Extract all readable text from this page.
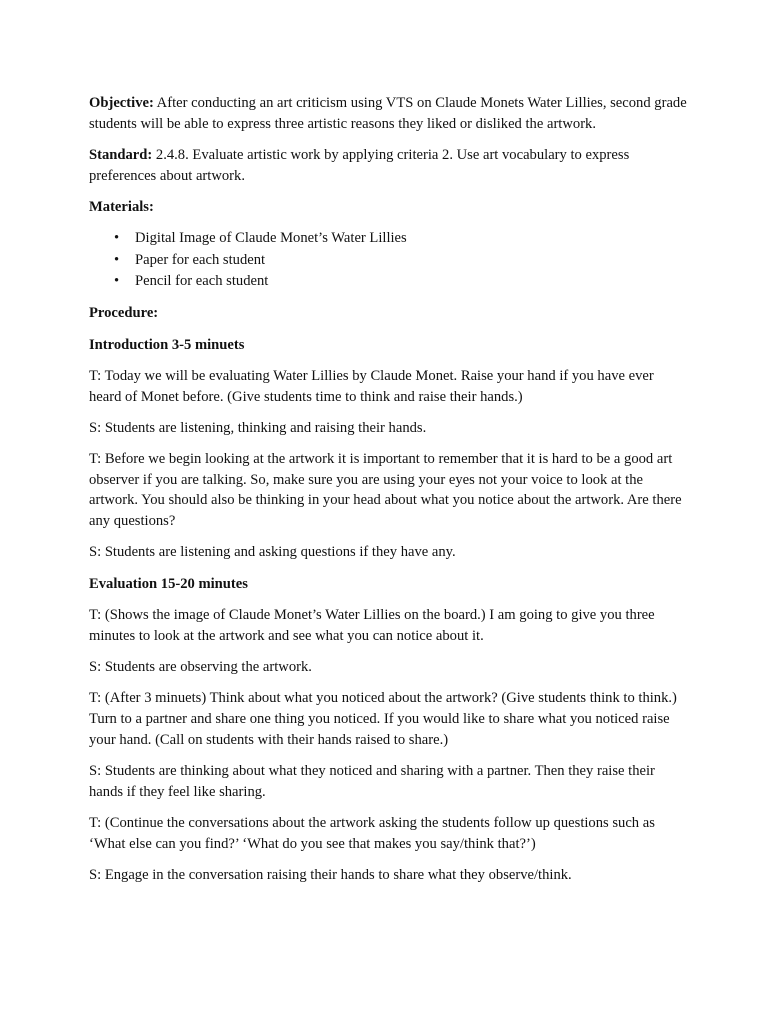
Objective: After conducting an art criticism using VTS on Claude Monets Water Lillies, second grade students will be able to express three artistic reasons they liked or disliked the artwork.

Standard: 2.4.8. Evaluate artistic work by applying criteria 2. Use art vocabulary to express preferences about artwork.

Materials:
• Digital Image of Claude Monet’s Water Lillies
• Paper for each student
• Pencil for each student
Procedure:
Introduction 3-5 minuets

T: Today we will be evaluating Water Lillies by Claude Monet. Raise your hand if you have ever heard of Monet before. (Give students time to think and raise their hands.)

S: Students are listening, thinking and raising their hands.

T: Before we begin looking at the artwork it is important to remember that it is hard to be a good art observer if you are talking. So, make sure you are using your eyes not your voice to look at the artwork. You should also be thinking in your head about what you notice about the artwork. Are there any questions?

S: Students are listening and asking questions if they have any.

Evaluation 15-20 minutes

T: (Shows the image of Claude Monet’s Water Lillies on the board.) I am going to give you three minutes to look at the artwork and see what you can notice about it.

S: Students are observing the artwork.

T: (After 3 minuets) Think about what you noticed about the artwork? (Give students think to think.) Turn to a partner and share one thing you noticed. If you would like to share what you noticed raise your hand. (Call on students with their hands raised to share.)

S: Students are thinking about what they noticed and sharing with a partner. Then they raise their hands if they feel like sharing.

T: (Continue the conversations about the artwork asking the students follow up questions such as ‘What else can you find?’ ‘What do you see that makes you say/think that?’)

S: Engage in the conversation raising their hands to share what they observe/think.
